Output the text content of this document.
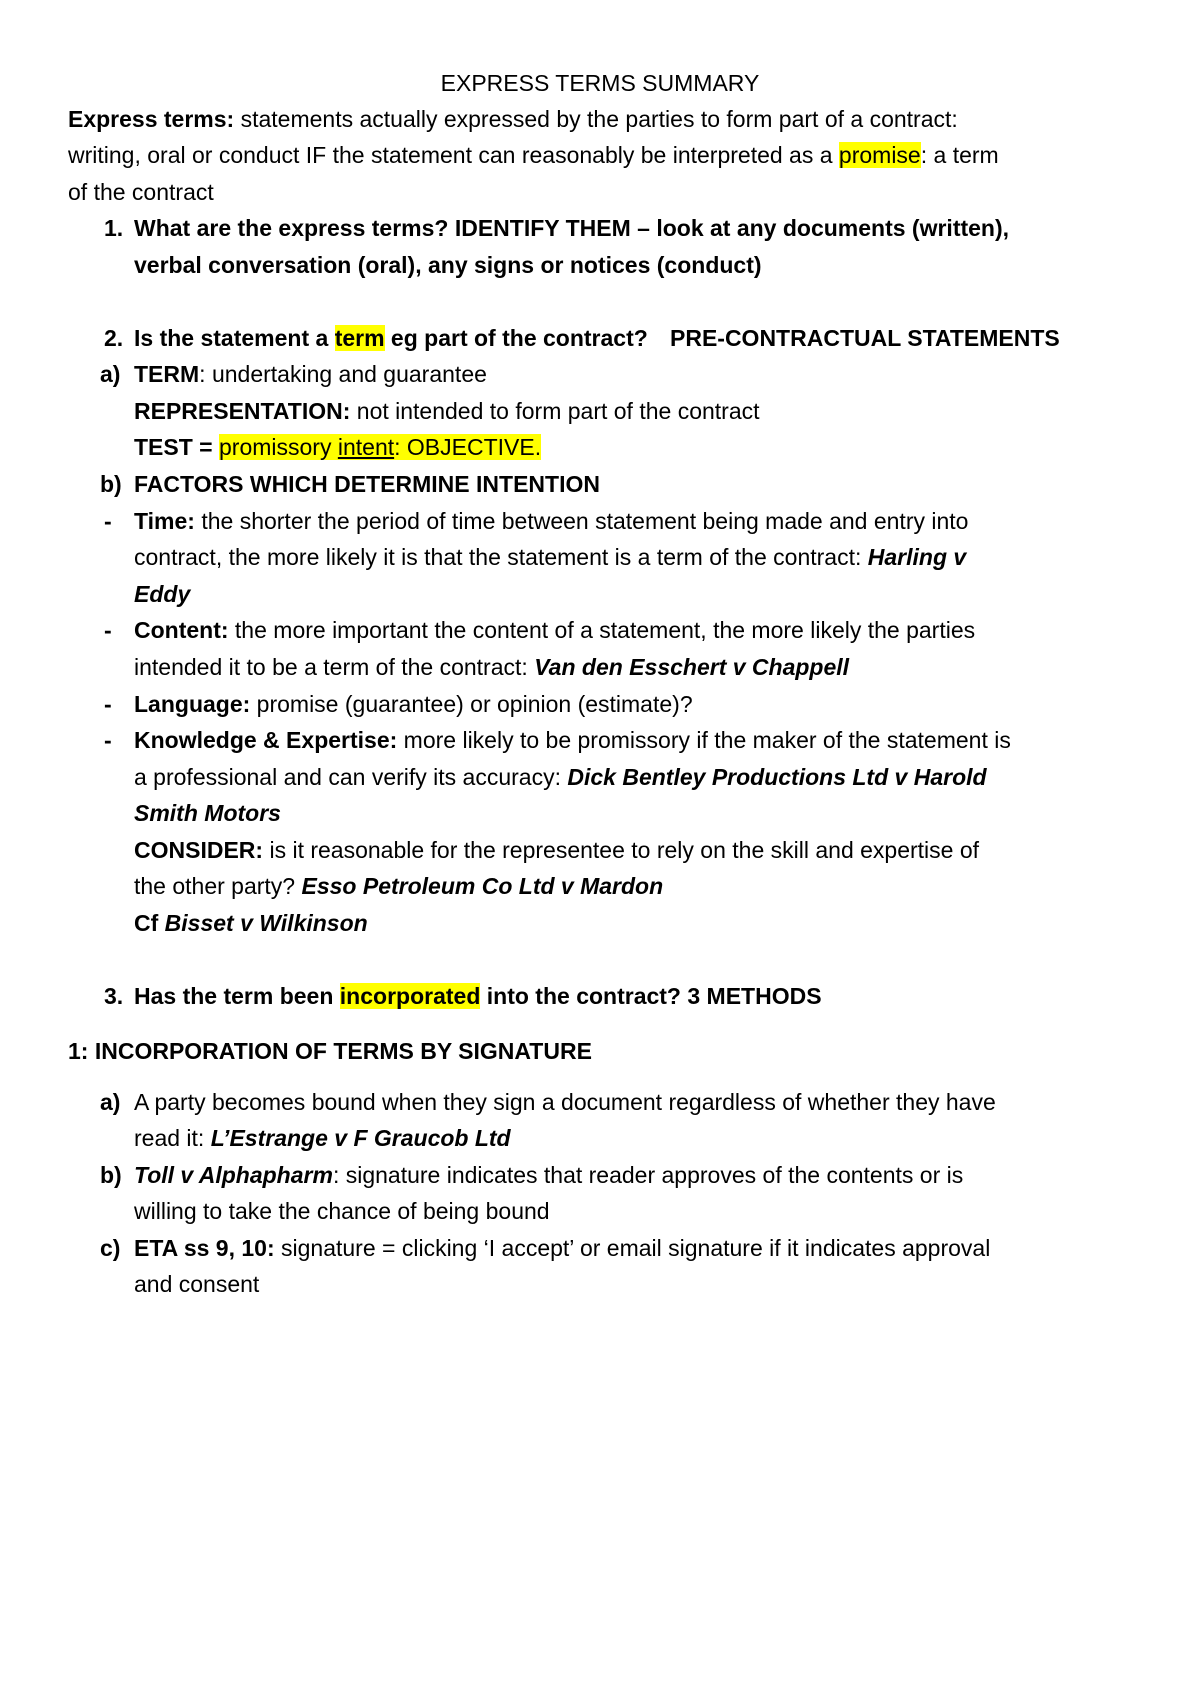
EXPRESS TERMS SUMMARY
Express terms: statements actually expressed by the parties to form part of a contract:
writing, oral or conduct IF the statement can reasonably be interpreted as a promise: a term
of the contract
1. What are the express terms? IDENTIFY THEM – look at any documents (written),
verbal conversation (oral), any signs or notices (conduct)
2. Is the statement a term eg part of the contract? PRE-CONTRACTUAL STATEMENTS
a) TERM: undertaking and guarantee
REPRESENTATION: not intended to form part of the contract
TEST = promissory intent: OBJECTIVE.
b) FACTORS WHICH DETERMINE INTENTION
- Time: the shorter the period of time between statement being made and entry into
contract, the more likely it is that the statement is a term of the contract: Harling v
Eddy
- Content: the more important the content of a statement, the more likely the parties
intended it to be a term of the contract: Van den Esschert v Chappell
- Language: promise (guarantee) or opinion (estimate)?
- Knowledge & Expertise: more likely to be promissory if the maker of the statement is
a professional and can verify its accuracy: Dick Bentley Productions Ltd v Harold
Smith Motors
CONSIDER: is it reasonable for the representee to rely on the skill and expertise of
the other party? Esso Petroleum Co Ltd v Mardon
Cf Bisset v Wilkinson
3. Has the term been incorporated into the contract? 3 METHODS
1: INCORPORATION OF TERMS BY SIGNATURE
a) A party becomes bound when they sign a document regardless of whether they have
read it: L’Estrange v F Graucob Ltd
b) Toll v Alphapharm: signature indicates that reader approves of the contents or is
willing to take the chance of being bound
c) ETA ss 9, 10: signature = clicking ‘I accept’ or email signature if it indicates approval
and consent
